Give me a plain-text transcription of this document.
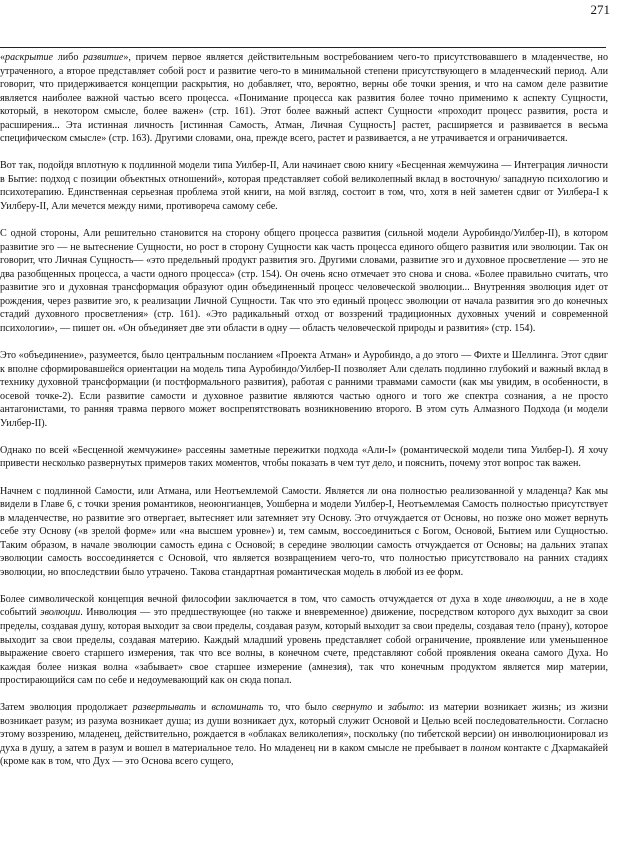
271

«раскрытие либо развитие», причем первое является действительным востребованием чего-то присутствовавшего в младенчестве, но утраченного, а второе представляет собой рост и развитие чего-то в минимальной степени присутствующего в младенческий период. Али говорит, что придерживается концепции раскрытия, но добавляет, что, вероятно, верны обе точки зрения, и что на самом деле развитие является наиболее важной частью всего процесса. «Понимание процесса как развития более точно применимо к аспекту Сущности, который, в некотором смысле, более важен» (стр. 161). Этот более важный аспект Сущности «проходит процесс развития, роста и расширения... Эта истинная личность [истинная Самость, Атман, Личная Сущность] растет, расширяется и развивается в весьма специфическом смысле» (стр. 163). Другими словами, она, прежде всего, растет и развивается, а не утрачивается и ограничивается.

Вот так, подойдя вплотную к подлинной модели типа Уилбер-II, Али начинает свою книгу «Бесценная жемчужина — Интеграция личности в Бытие: подход с позиции объектных отношений», которая представляет собой великолепный вклад в восточную/ западную психологию и психотерапию. Единственная серьезная проблема этой книги, на мой взгляд, состоит в том, что, хотя в ней заметен сдвиг от Уилбера-I к Уилберу-II, Али мечется между ними, противореча самому себе.

С одной стороны, Али решительно становится на сторону общего процесса развития (сильной модели Ауробиндо/Уилбер-II), в котором развитие эго — не вытеснение Сущности, но рост в сторону Сущности как часть процесса единого общего развития или эволюции. Так он говорит, что Личная Сущность— «это предельный продукт развития эго. Другими словами, развитие эго и духовное просветление — это не два разобщенных процесса, а части одного процесса» (стр. 154). Он очень ясно отмечает это снова и снова. «Более правильно считать, что развитие эго и духовная трансформация образуют один объединенный процесс человеческой эволюции... Внутренняя эволюция идет от рождения, через развитие эго, к реализации Личной Сущности. Так что это единый процесс эволюции от начала развития эго до конечных стадий духовного просветления» (стр. 161). «Это радикальный отход от воззрений традиционных духовных учений и современной психологии», — пишет он. «Он объединяет две эти области в одну — область человеческой природы и развития» (стр. 154).

Это «объединение», разумеется, было центральным посланием «Проекта Атман» и Ауробиндо, а до этого — Фихте и Шеллинга. Этот сдвиг к вполне сформировавшейся ориентации на модель типа Ауробиндо/Уилбер-II позволяет Али сделать подлинно глубокий и важный вклад в технику духовной трансформации (и постформального развития), работая с ранними травмами самости (как мы увидим, в особенности, в осевой точке-2). Если развитие самости и духовное развитие являются частью одного и того же спектра сознания, а не просто антагонистами, то ранняя травма первого может воспрепятствовать возникновению второго. В этом суть Алмазного Подхода (и модели Уилбер-II).

Однако по всей «Бесценной жемчужине» рассеяны заметные пережитки подхода «Али-I» (романтической модели типа Уилбер-I). Я хочу привести несколько развернутых примеров таких моментов, чтобы показать в чем тут дело, и пояснить, почему этот вопрос так важен.

Начнем с подлинной Самости, или Атмана, или Неотъемлемой Самости. Является ли она полностью реализованной у младенца? Как мы видели в Главе 6, с точки зрения романтиков, неоюнгианцев, Уошберна и модели Уилбер-I, Неотъемлемая Самость полностью присутствует в младенчестве, но развитие эго отвергает, вытесняет или затемняет эту Основу. Это отчуждается от Основы, но позже оно может вернуть себе эту Основу («в зрелой форме» или «на высшем уровне») и, тем самым, воссоединиться с Богом, Основой, Бытием или Сущностью. Таким образом, в начале эволюции самость едина с Основой; в середине эволюции самость отчуждается от Основы; на дальних этапах эволюции самость воссоединяется с Основой, что является возвращением чего-то, что полностью присутствовало на ранних стадиях эволюции, но впоследствии было утрачено. Такова стандартная романтическая модель в любой из ее форм.

Более символической концепция вечной философии заключается в том, что самость отчуждается от духа в ходе инволюции, а не в ходе событий эволюции. Инволюция — это предшествующее (но также и вневременное) движение, посредством которого дух выходит за свои пределы, создавая душу, которая выходит за свои пределы, создавая разум, который выходит за свои пределы, создавая тело (прану), которое выходит за свои пределы, создавая материю. Каждый младший уровень представляет собой ограничение, проявление или уменьшенное выражение своего старшего измерения, так что все волны, в конечном счете, представляют собой проявления океана самого Духа. Но каждая более низкая волна «забывает» свое старшее измерение (амнезия), так что конечным продуктом является мир материи, простирающийся сам по себе и недоумевающий как он сюда попал.

Затем эволюция продолжает развертывать и вспоминать то, что было свернуто и забыто: из материи возникает жизнь; из жизни возникает разум; из разума возникает душа; из души возникает дух, который служит Основой и Целью всей последовательности. Согласно этому воззрению, младенец, действительно, рождается в «облаках великолепия», поскольку (по тибетской версии) он инволюционировал из духа в душу, а затем в разум и вошел в материальное тело. Но младенец ни в каком смысле не пребывает в полном контакте с Дхармакайей (кроме как в том, что Дух — это Основа всего сущего,
